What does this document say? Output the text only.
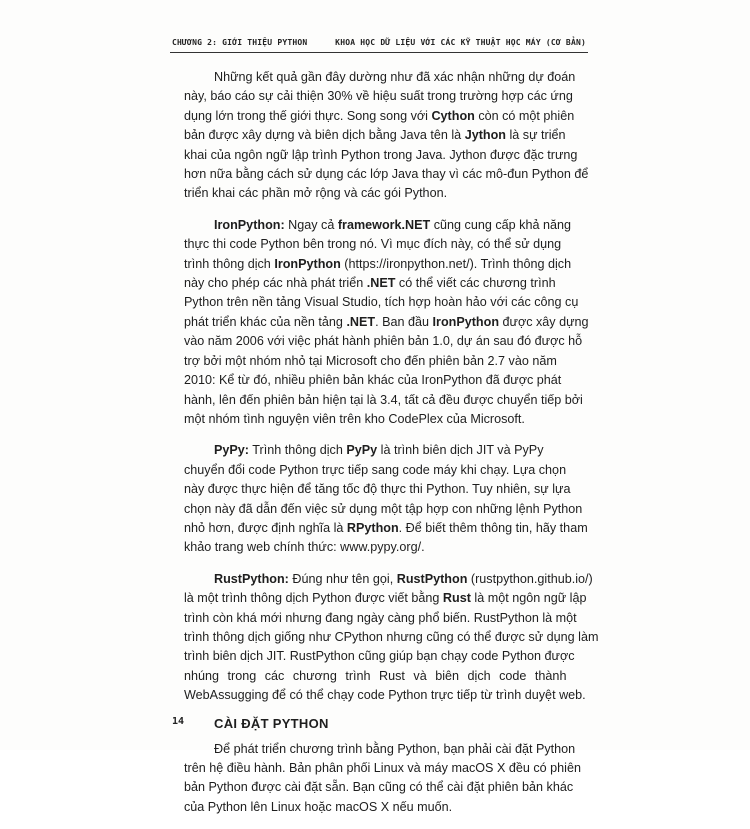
CHƯƠNG 2: GIỚI THIỆU PYTHON	KHOA HỌC DỮ LIỆU VỚI CÁC KỸ THUẬT HỌC MÁY (CƠ BẢN)

Những kết quả gần đây dường như đã xác nhận những dự đoán
này, báo cáo sự cải thiện 30% về hiệu suất trong trường hợp các ứng
dụng lớn trong thế giới thực. Song song với Cython còn có một phiên
bản được xây dựng và biên dịch bằng Java tên là Jython là sự triển
khai của ngôn ngữ lập trình Python trong Java. Jython được đặc trưng
hơn nữa bằng cách sử dụng các lớp Java thay vì các mô-đun Python để
triển khai các phần mở rộng và các gói Python.

IronPython: Ngay cả framework.NET cũng cung cấp khả năng
thực thi code Python bên trong nó. Vì mục đích này, có thể sử dụng
trình thông dịch IronPython (https://ironpython.net/). Trình thông dịch
này cho phép các nhà phát triển .NET có thể viết các chương trình
Python trên nền tảng Visual Studio, tích hợp hoàn hảo với các công cụ
phát triển khác của nền tảng .NET. Ban đầu IronPython được xây dựng
vào năm 2006 với việc phát hành phiên bản 1.0, dự án sau đó được hỗ
trợ bởi một nhóm nhỏ tại Microsoft cho đến phiên bản 2.7 vào năm
2010: Kể từ đó, nhiều phiên bản khác của IronPython đã được phát
hành, lên đến phiên bản hiện tại là 3.4, tất cả đều được chuyển tiếp bởi
một nhóm tình nguyện viên trên kho CodePlex của Microsoft.

PyPy: Trình thông dịch PyPy là trình biên dịch JIT và PyPy
chuyển đổi code Python trực tiếp sang code máy khi chạy. Lựa chọn
này được thực hiện để tăng tốc độ thực thi Python. Tuy nhiên, sự lựa
chọn này đã dẫn đến việc sử dụng một tập hợp con những lệnh Python
nhỏ hơn, được định nghĩa là RPython. Để biết thêm thông tin, hãy tham
khảo trang web chính thức: www.pypy.org/.

RustPython: Đúng như tên gọi, RustPython (rustpython.github.io/)
là một trình thông dịch Python được viết bằng Rust là một ngôn ngữ lập
trình còn khá mới nhưng đang ngày càng phổ biến. RustPython là một
trình thông dịch giống như CPython nhưng cũng có thể được sử dụng làm
trình biên dịch JIT. RustPython cũng giúp bạn chạy code Python được
nhúng trong các chương trình Rust và biên dịch code thành
WebAssugging để có thể chạy code Python trực tiếp từ trình duyệt web.

CÀI ĐẶT PYTHON

Để phát triển chương trình bằng Python, bạn phải cài đặt Python
trên hệ điều hành. Bản phân phối Linux và máy macOS X đều có phiên
bản Python được cài đặt sẵn. Bạn cũng có thể cài đặt phiên bản khác
của Python lên Linux hoặc macOS X nếu muốn.

14
